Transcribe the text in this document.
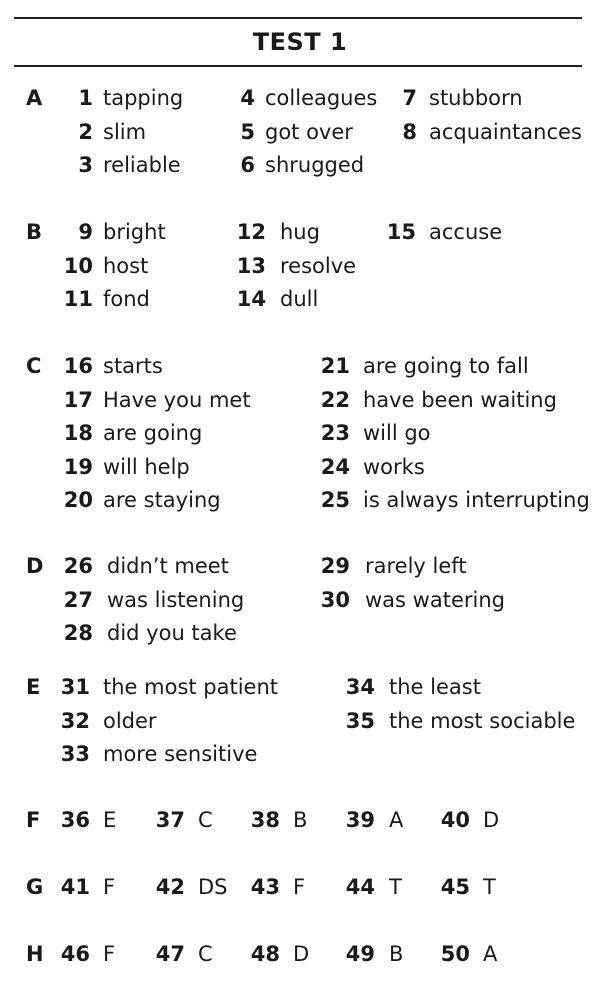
TEST 1
A	1 tapping
2 slim
3 reliable
4 colleagues
5 got over
6 shrugged
7 stubborn
8 acquaintances
B	9 bright
10 host
11 fond
12 hug
13 resolve
14 dull
15 accuse
C	16 starts
17 Have you met
18 are going
19 will help
20 are staying
21 are going to fall
22 have been waiting
23 will go
24 works
25 is always interrupting
D 26 didn’t meet
27 was listening
28 did you take
29 rarely left
30 was watering
E 31 the most patient
32 older
33 more sensitive
34 the least
35 the most sociable
F 36 E	37 C	38 B	39 A	40 D
G 41 F	42 DS	43 F	44 T	45 T
H 46 F	47 C	48 D	49 B	50 A
